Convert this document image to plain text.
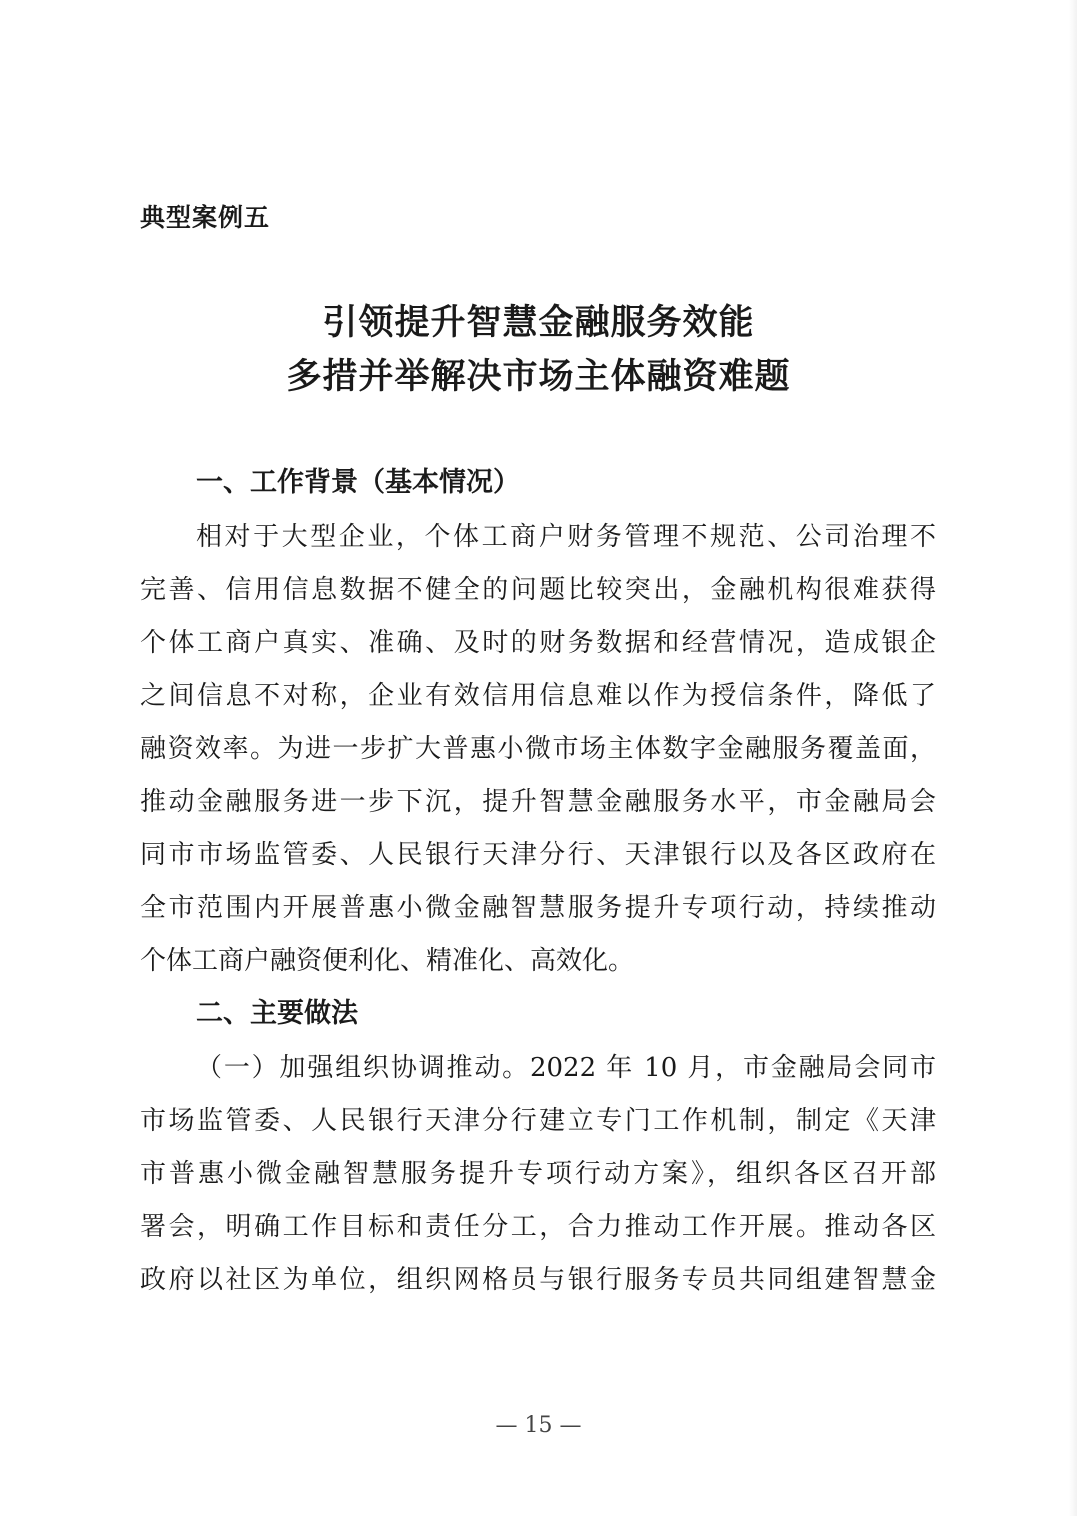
典型案例五
引领提升智慧金融服务效能
多措并举解决市场主体融资难题
一、工作背景（基本情况）
相对于大型企业，个体工商户财务管理不规范、公司治理不
完善、信用信息数据不健全的问题比较突出，金融机构很难获得
个体工商户真实、准确、及时的财务数据和经营情况，造成银企
之间信息不对称，企业有效信用信息难以作为授信条件，降低了
融资效率。为进一步扩大普惠小微市场主体数字金融服务覆盖面，
推动金融服务进一步下沉，提升智慧金融服务水平，市金融局会
同市市场监管委、人民银行天津分行、天津银行以及各区政府在
全市范围内开展普惠小微金融智慧服务提升专项行动，持续推动
个体工商户融资便利化、精准化、高效化。
二、主要做法
（一）加强组织协调推动。2022 年 10 月，市金融局会同市
市场监管委、人民银行天津分行建立专门工作机制，制定《天津
市普惠小微金融智慧服务提升专项行动方案》，组织各区召开部
署会，明确工作目标和责任分工，合力推动工作开展。推动各区
政府以社区为单位，组织网格员与银行服务专员共同组建智慧金
— 15 —
